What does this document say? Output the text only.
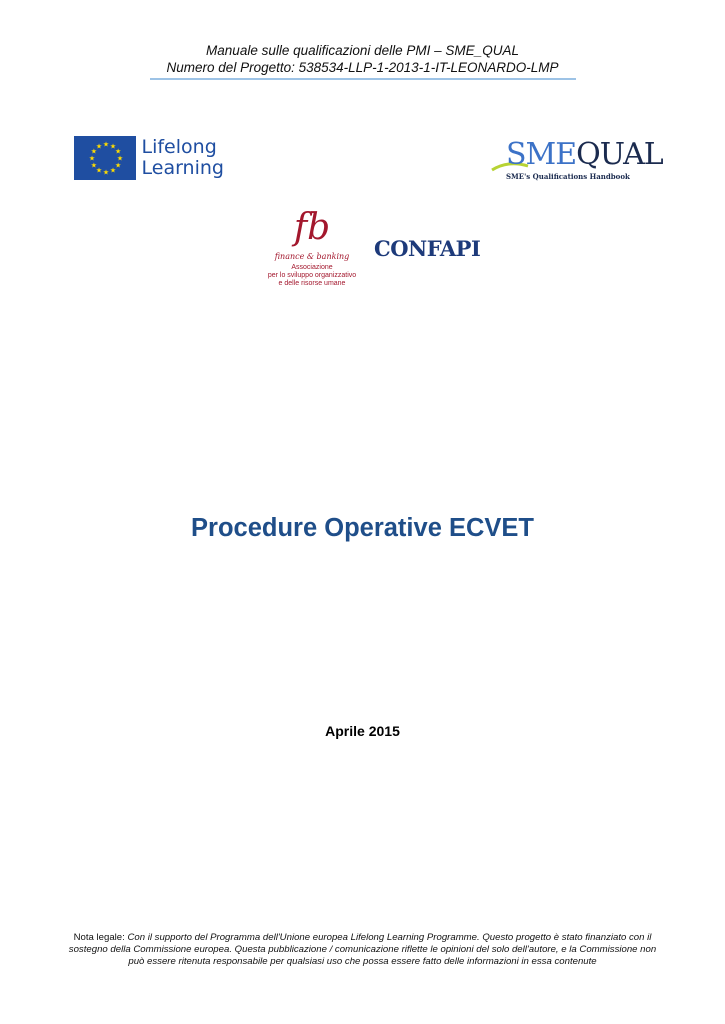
Manuale sulle qualificazioni delle PMI – SME_QUAL
Numero del Progetto: 538534-LLP-1-2013-1-IT-LEONARDO-LMP
★
★
★
★
★
★
★
★
★ ★ ★
★ Lifelong
Learning	SMEQUAL
SME's Qualifications Handbook
fb
finance & banking
Associazione
per lo sviluppo organizzativo
e delle risorse umane
CONFAPI
Procedure Operative ECVET
Aprile 2015
Nota legale: Con il supporto del Programma dell'Unione europea Lifelong Learning Programme. Questo progetto è stato finanziato con il sostegno della Commissione europea. Questa pubblicazione / comunicazione riflette le opinioni del solo dell'autore, e la Commissione non può essere ritenuta responsabile per qualsiasi uso che possa essere fatto delle informazioni in essa contenute
